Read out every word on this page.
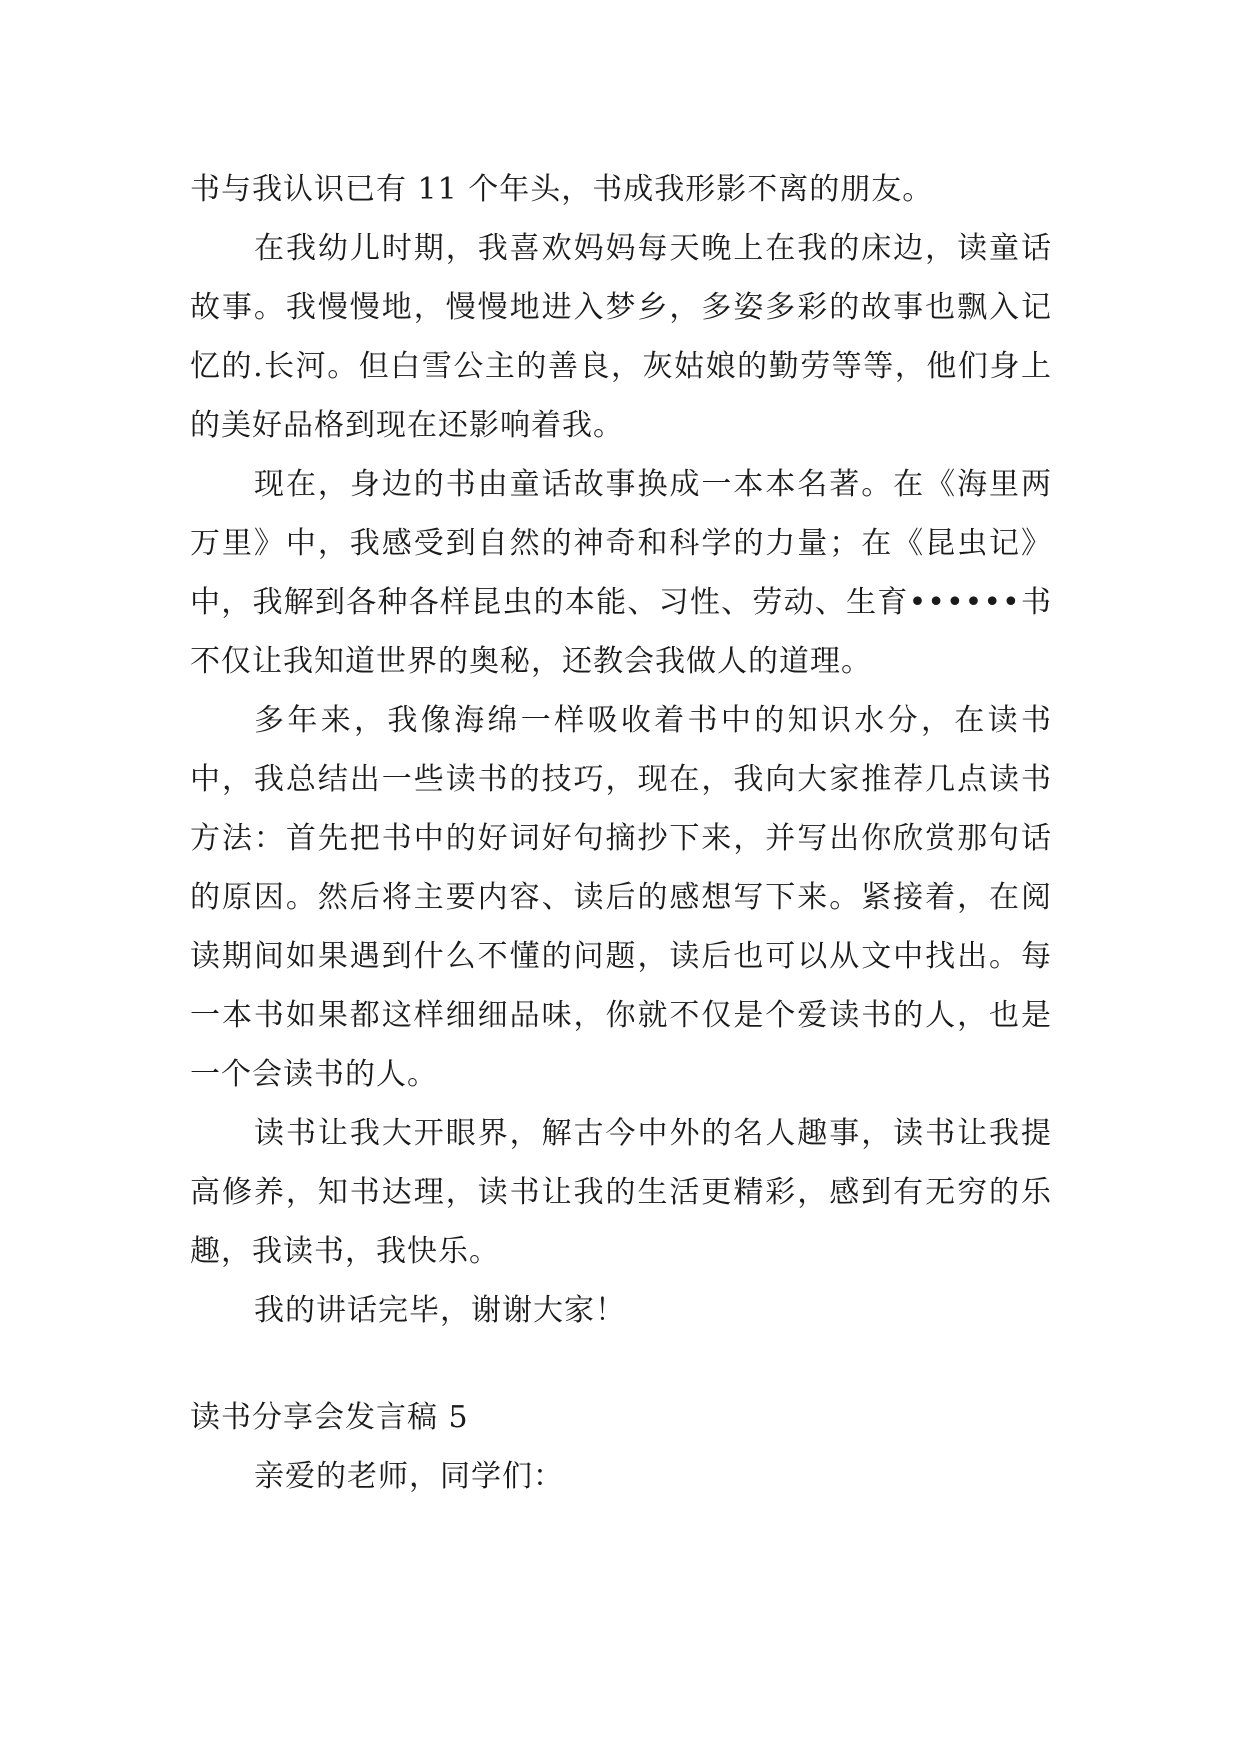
书与我认识已有 11 个年头，书成我形影不离的朋友。

在我幼儿时期，我喜欢妈妈每天晚上在我的床边，读童话故事。我慢慢地，慢慢地进入梦乡，多姿多彩的故事也飘入记忆的.长河。但白雪公主的善良，灰姑娘的勤劳等等，他们身上的美好品格到现在还影响着我。

现在，身边的书由童话故事换成一本本名著。在《海里两万里》中，我感受到自然的神奇和科学的力量；在《昆虫记》中，我解到各种各样昆虫的本能、习性、劳动、生育••••••书不仅让我知道世界的奥秘，还教会我做人的道理。

多年来，我像海绵一样吸收着书中的知识水分，在读书中，我总结出一些读书的技巧，现在，我向大家推荐几点读书方法：首先把书中的好词好句摘抄下来，并写出你欣赏那句话的原因。然后将主要内容、读后的感想写下来。紧接着，在阅读期间如果遇到什么不懂的问题，读后也可以从文中找出。每一本书如果都这样细细品味，你就不仅是个爱读书的人，也是一个会读书的人。

读书让我大开眼界，解古今中外的名人趣事，读书让我提高修养，知书达理，读书让我的生活更精彩，感到有无穷的乐趣，我读书，我快乐。

我的讲话完毕，谢谢大家！

读书分享会发言稿 5

亲爱的老师，同学们：
